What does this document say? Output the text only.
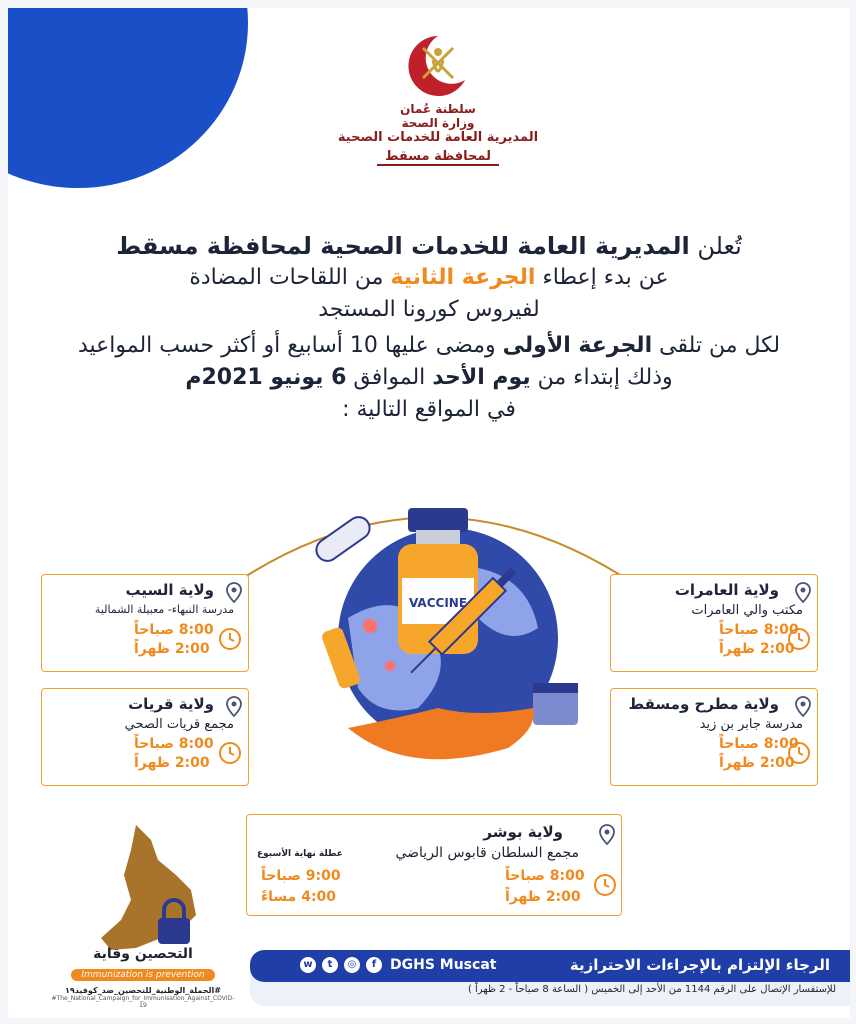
سلطنة عُمان
وزارة الصحة
المديرية العامة للخدمات الصحية
لمحافظة مسقط
تُعلن المديرية العامة للخدمات الصحية لمحافظة مسقط
عن بدء إعطاء الجرعة الثانية من اللقاحات المضادة
لفيروس كورونا المستجد
لكل من تلقى الجرعة الأولى ومضى عليها 10 أسابيع أو أكثر حسب المواعيد
وذلك إبتداء من يوم الأحد الموافق 6 يونيو 2021م
في المواقع التالية :
VACCINE
ولاية السيب
مدرسة النبهاء- معبيلة الشمالية
8:00 صباحاً
2:00 ظهراً
ولاية قريات
مجمع قريات الصحي
8:00 صباحاً
2:00 ظهراً
ولاية العامرات
مكتب والي العامرات
8:00 صباحاً
2:00 ظهراً
ولاية مطرح ومسقط
مدرسة جابر بن زيد
8:00 صباحاً
2:00 ظهراً
ولاية بوشر
مجمع السلطان قابوس الرياضي
8:00 صباحاً
2:00 ظهراً
عطلة نهاية الأسبوع
9:00 صباحاً
4:00 مساءً
التحصين وقاية
Immunization is prevention
#الحملة_الوطنية_للتحصين_ضد_كوفيد١٩
#The_National_Campaign_for_Immunisation_Against_COVID-19
الرجاء الإلتزام بالإجراءات الاحترازية
DGHS Muscat
w	t	◎	f
للإستفسار الإتصال على الرقم 1144 من الأحد إلى الخميس ( الساعة 8 صباحاً - 2 ظهراً )
